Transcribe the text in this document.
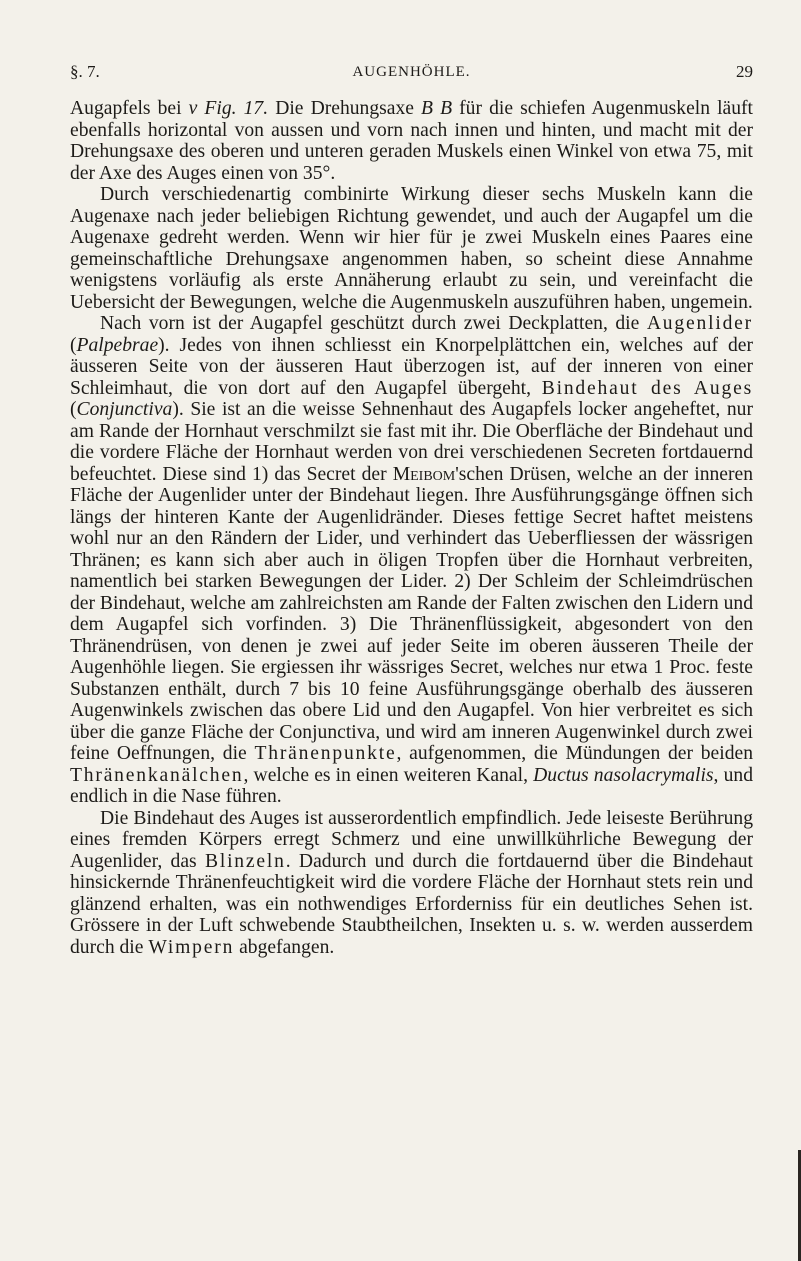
§. 7.	AUGENHÖHLE.	29

Augapfels bei v Fig. 17. Die Drehungsaxe B B für die schiefen Augenmuskeln läuft ebenfalls horizontal von aussen und vorn nach innen und hinten, und macht mit der Drehungsaxe des oberen und unteren geraden Muskels einen Winkel von etwa 75, mit der Axe des Auges einen von 35°.

Durch verschiedenartig combinirte Wirkung dieser sechs Muskeln kann die Augenaxe nach jeder beliebigen Richtung gewendet, und auch der Augapfel um die Augenaxe gedreht werden. Wenn wir hier für je zwei Muskeln eines Paares eine gemeinschaftliche Drehungsaxe angenommen haben, so scheint diese Annahme wenigstens vorläufig als erste Annäherung erlaubt zu sein, und vereinfacht die Uebersicht der Bewegungen, welche die Augenmuskeln auszuführen haben, ungemein.

Nach vorn ist der Augapfel geschützt durch zwei Deckplatten, die Augenlider (Palpebrae). Jedes von ihnen schliesst ein Knorpelplättchen ein, welches auf der äusseren Seite von der äusseren Haut überzogen ist, auf der inneren von einer Schleimhaut, die von dort auf den Augapfel übergeht, Bindehaut des Auges (Conjunctiva). Sie ist an die weisse Sehnenhaut des Augapfels locker angeheftet, nur am Rande der Hornhaut verschmilzt sie fast mit ihr. Die Oberfläche der Bindehaut und die vordere Fläche der Hornhaut werden von drei verschiedenen Secreten fortdauernd befeuchtet. Diese sind 1) das Secret der Meibom'schen Drüsen, welche an der inneren Fläche der Augenlider unter der Bindehaut liegen. Ihre Ausführungsgänge öffnen sich längs der hinteren Kante der Augenlidränder. Dieses fettige Secret haftet meistens wohl nur an den Rändern der Lider, und verhindert das Ueberfliessen der wässrigen Thränen; es kann sich aber auch in öligen Tropfen über die Hornhaut verbreiten, namentlich bei starken Bewegungen der Lider. 2) Der Schleim der Schleimdrüschen der Bindehaut, welche am zahlreichsten am Rande der Falten zwischen den Lidern und dem Augapfel sich vorfinden. 3) Die Thränenflüssigkeit, abgesondert von den Thränendrüsen, von denen je zwei auf jeder Seite im oberen äusseren Theile der Augenhöhle liegen. Sie ergiessen ihr wässriges Secret, welches nur etwa 1 Proc. feste Substanzen enthält, durch 7 bis 10 feine Ausführungsgänge oberhalb des äusseren Augenwinkels zwischen das obere Lid und den Augapfel. Von hier verbreitet es sich über die ganze Fläche der Conjunctiva, und wird am inneren Augenwinkel durch zwei feine Oeffnungen, die Thränenpunkte, aufgenommen, die Mündungen der beiden Thränenkanälchen, welche es in einen weiteren Kanal, Ductus nasolacrymalis, und endlich in die Nase führen.

Die Bindehaut des Auges ist ausserordentlich empfindlich. Jede leiseste Berührung eines fremden Körpers erregt Schmerz und eine unwillkührliche Bewegung der Augenlider, das Blinzeln. Dadurch und durch die fortdauernd über die Bindehaut hinsickernde Thränenfeuchtigkeit wird die vordere Fläche der Hornhaut stets rein und glänzend erhalten, was ein nothwendiges Erforderniss für ein deutliches Sehen ist. Grössere in der Luft schwebende Staubtheilchen, Insekten u. s. w. werden ausserdem durch die Wimpern abgefangen.
